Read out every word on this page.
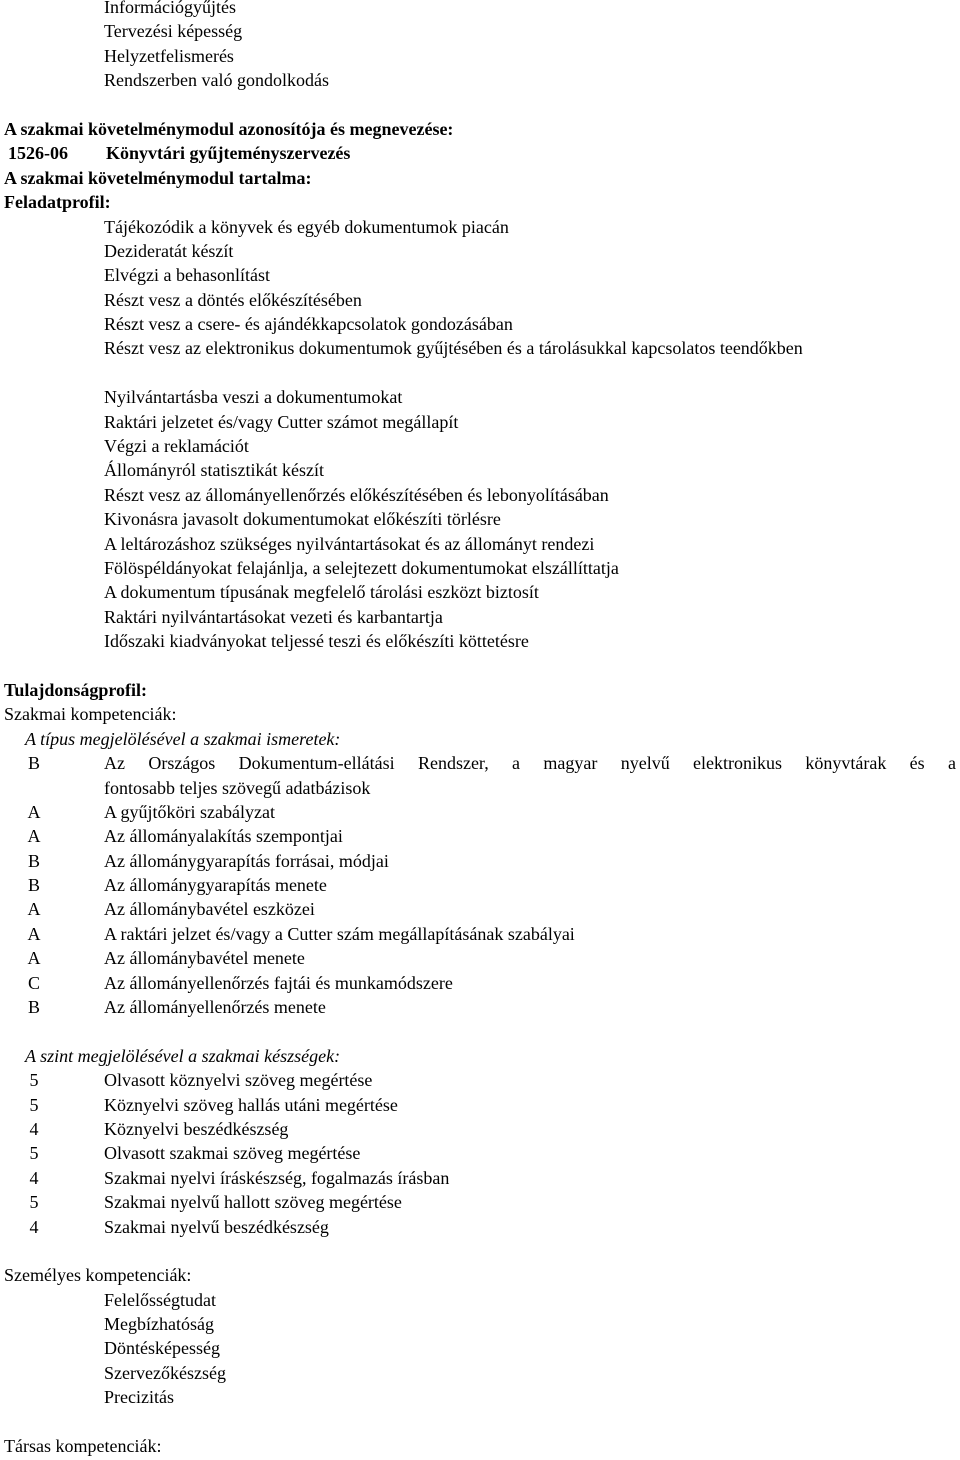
Információgyűjtés
Tervezési képesség
Helyzetfelismerés
Rendszerben való gondolkodás
A szakmai követelménymodul azonosítója és megnevezése:
1526-06 Könyvtári gyűjteményszervezés
A szakmai követelménymodul tartalma:
Feladatprofil:
Tájékozódik a könyvek és egyéb dokumentumok piacán
Dezideratát készít
Elvégzi a behasonlítást
Részt vesz a döntés előkészítésében
Részt vesz a csere- és ajándékkapcsolatok gondozásában
Részt vesz az elektronikus dokumentumok gyűjtésében és a tárolásukkal kapcsolatos teendőkben
Nyilvántartásba veszi a dokumentumokat
Raktári jelzetet és/vagy Cutter számot megállapít
Végzi a reklamációt
Állományról statisztikát készít
Részt vesz az állományellenőrzés előkészítésében és lebonyolításában
Kivonásra javasolt dokumentumokat előkészíti törlésre
A leltározáshoz szükséges nyilvántartásokat és az állományt rendezi
Fölöspéldányokat felajánlja, a selejtezett dokumentumokat elszállíttatja
A dokumentum típusának megfelelő tárolási eszközt biztosít
Raktári nyilvántartásokat vezeti és karbantartja
Időszaki kiadványokat teljessé teszi és előkészíti köttetésre
Tulajdonságprofil:
Szakmai kompetenciák:
A típus megjelölésével a szakmai ismeretek:
B	Az Országos Dokumentum-ellátási Rendszer, a magyar nyelvű elektronikus könyvtárak és a
fontosabb teljes szövegű adatbázisok
A	A gyűjtőköri szabályzat
A	Az állományalakítás szempontjai
B	Az állománygyarapítás forrásai, módjai
B	Az állománygyarapítás menete
A	Az állománybavétel eszközei
A	A raktári jelzet és/vagy a Cutter szám megállapításának szabályai
A	Az állománybavétel menete
C	Az állományellenőrzés fajtái és munkamódszere
B	Az állományellenőrzés menete
A szint megjelölésével a szakmai készségek:
5	Olvasott köznyelvi szöveg megértése
5	Köznyelvi szöveg hallás utáni megértése
4	Köznyelvi beszédkészség
5	Olvasott szakmai szöveg megértése
4	Szakmai nyelvi íráskészség, fogalmazás írásban
5	Szakmai nyelvű hallott szöveg megértése
4	Szakmai nyelvű beszédkészség
Személyes kompetenciák:
Felelősségtudat
Megbízhatóság
Döntésképesség
Szervezőkészség
Precizitás
Társas kompetenciák:
